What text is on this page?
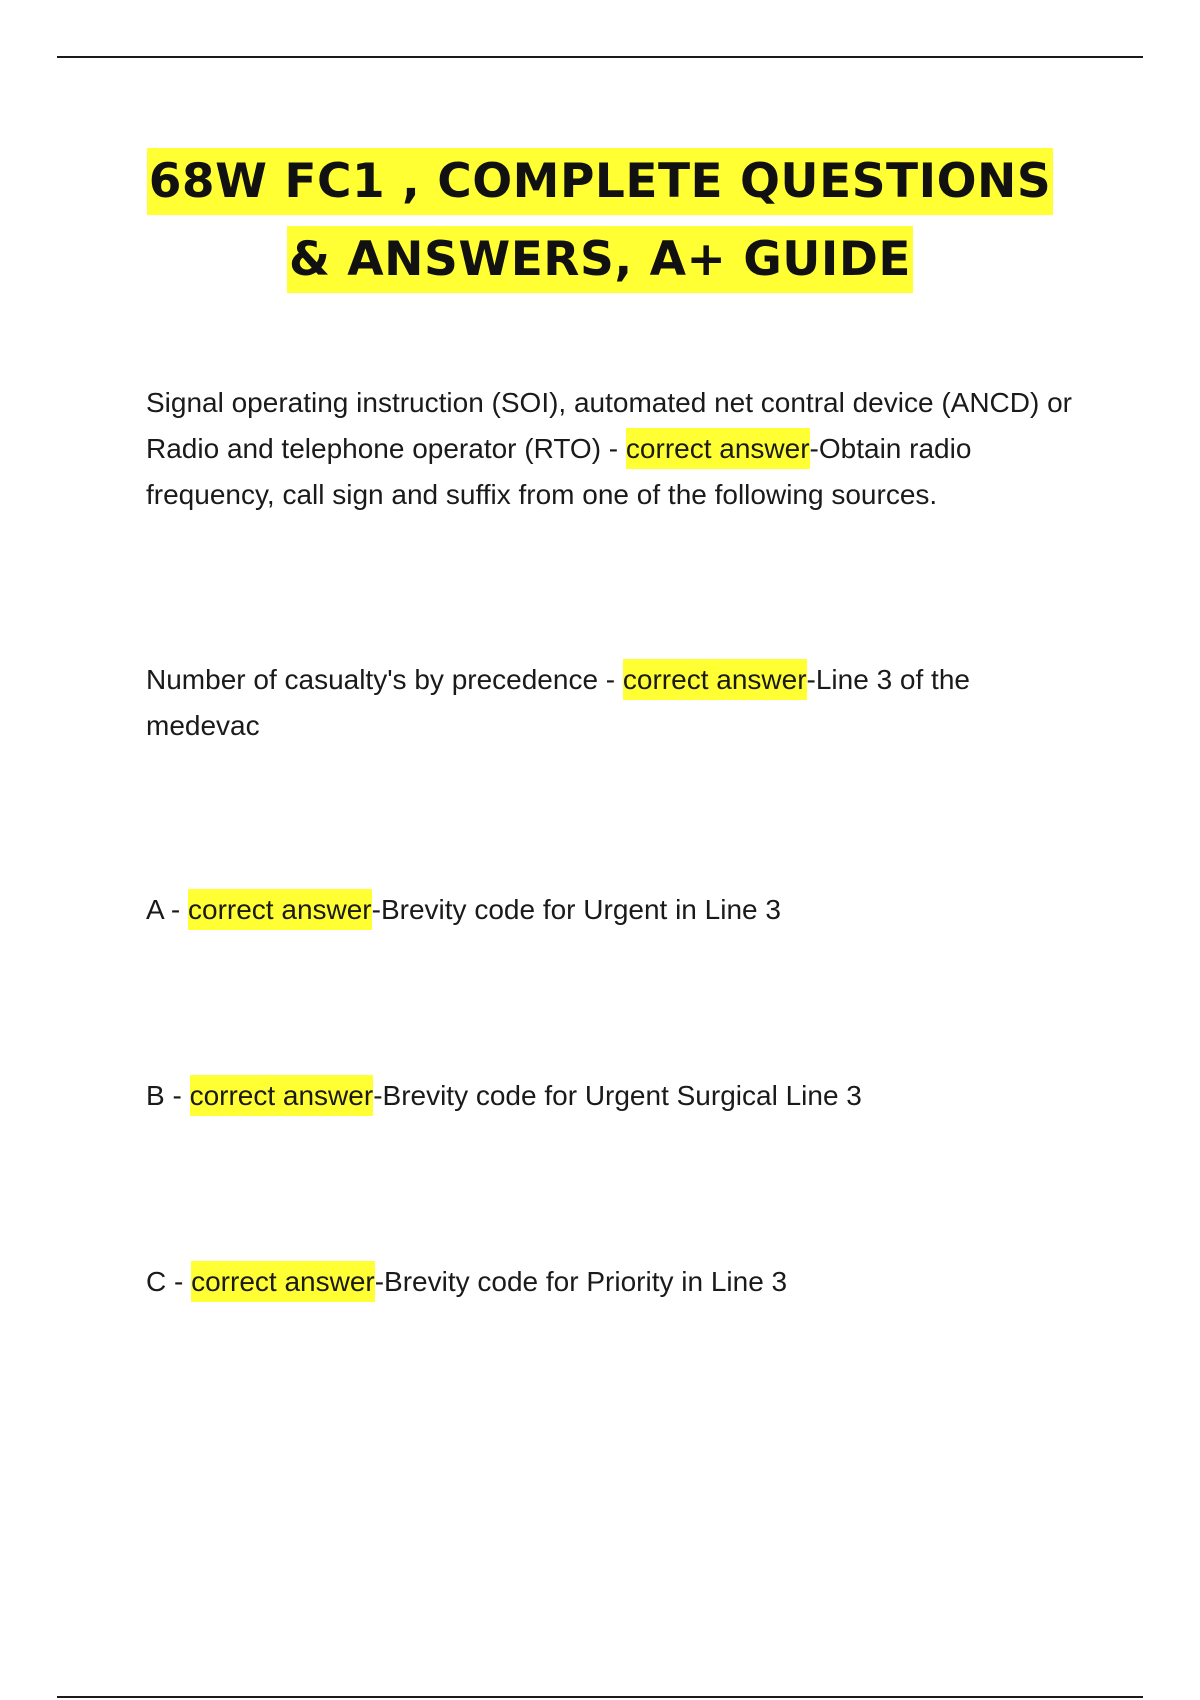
68W FC1 , COMPLETE QUESTIONS
& ANSWERS, A+ GUIDE
Signal operating instruction (SOI), automated net contral device (ANCD) or Radio and telephone operator (RTO) - correct answer-Obtain radio frequency, call sign and suffix from one of the following sources.
Number of casualty's by precedence - correct answer-Line 3 of the medevac
A - correct answer-Brevity code for Urgent in Line 3
B - correct answer-Brevity code for Urgent Surgical Line 3
C - correct answer-Brevity code for Priority in Line 3
